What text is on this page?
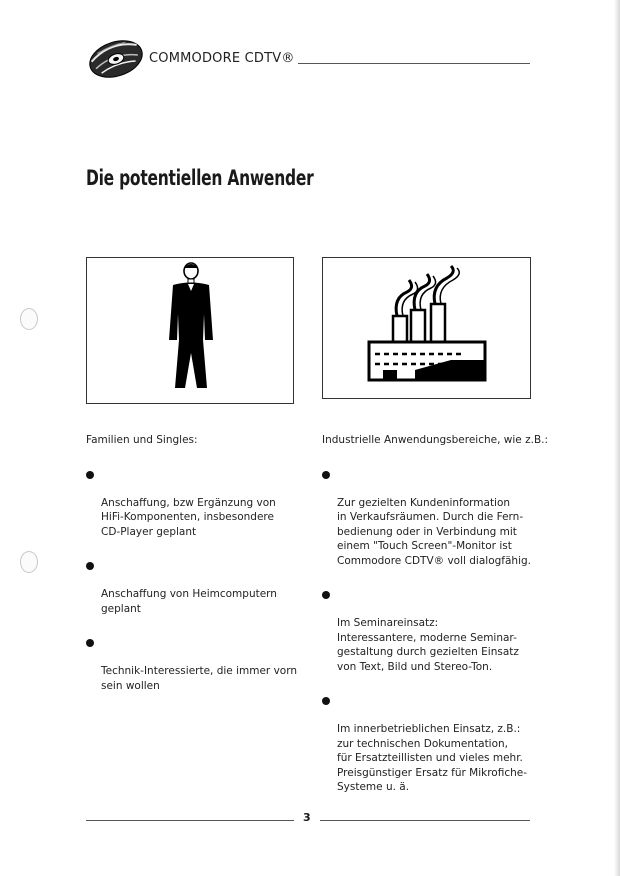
COMMODORE CDTV®
Die potentiellen Anwender

Familien und Singles:

Anschaffung, bzw Ergänzung von
HiFi-Komponenten, insbesondere
CD-Player geplant

Anschaffung von Heimcomputern
geplant

Technik-Interessierte, die immer vorn
sein wollen

Industrielle Anwendungsbereiche, wie z.B.:

Zur gezielten Kundeninformation
in Verkaufsräumen. Durch die Fern-
bedienung oder in Verbindung mit
einem "Touch Screen"-Monitor ist
Commodore CDTV® voll dialogfähig.

Im Seminareinsatz:
Interessantere, moderne Seminar-
gestaltung durch gezielten Einsatz
von Text, Bild und Stereo-Ton.

Im innerbetrieblichen Einsatz, z.B.:
zur technischen Dokumentation,
für Ersatzteillisten und vieles mehr.
Preisgünstiger Ersatz für Mikrofiche-
Systeme u. ä.

3
